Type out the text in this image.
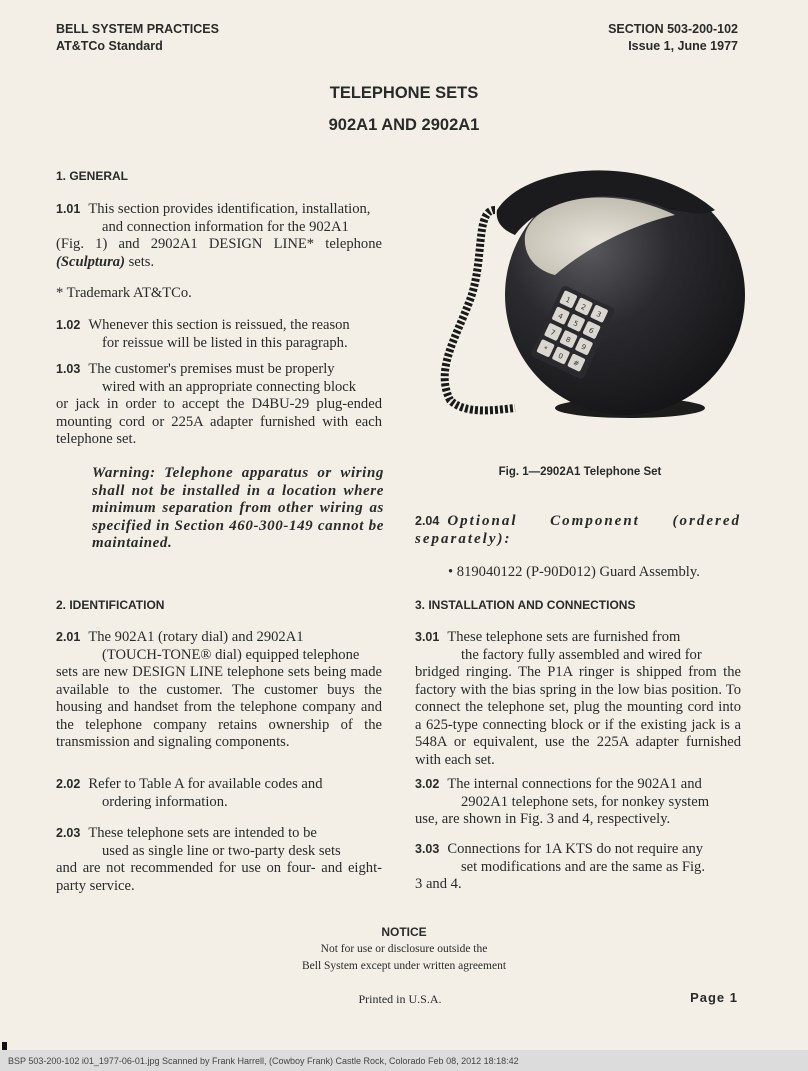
BELL SYSTEM PRACTICES
AT&TCo Standard
SECTION 503-200-102
Issue 1, June 1977
TELEPHONE SETS
902A1 AND 2902A1
1. GENERAL
1.01 This section provides identification, installation,
and connection information for the 902A1
(Fig. 1) and 2902A1 DESIGN LINE* telephone (Sculptura) sets.
* Trademark AT&TCo.
1.02 Whenever this section is reissued, the reason
for reissue will be listed in this paragraph.
1.03 The customer's premises must be properly
wired with an appropriate connecting block
or jack in order to accept the D4BU-29 plug-ended mounting cord or 225A adapter furnished with each telephone set.
Warning: Telephone apparatus or wiring shall not be installed in a location where minimum separation from other wiring as specified in Section 460-300-149 cannot be maintained.
2. IDENTIFICATION
2.01 The 902A1 (rotary dial) and 2902A1
(TOUCH-TONE® dial) equipped telephone
sets are new DESIGN LINE telephone sets being made available to the customer. The customer buys the housing and handset from the telephone company and the telephone company retains ownership of the transmission and signaling components.
2.02 Refer to Table A for available codes and
ordering information.
2.03 These telephone sets are intended to be
used as single line or two-party desk sets
and are not recommended for use on four- and eight-party service.
1
2
3
4
5
6
7
8
9
*
0
#
Fig. 1—2902A1 Telephone Set
2.04 Optional Component (ordered separately):
• 819040122 (P-90D012) Guard Assembly.
3. INSTALLATION AND CONNECTIONS
3.01 These telephone sets are furnished from
the factory fully assembled and wired for
bridged ringing. The P1A ringer is shipped from the factory with the bias spring in the low bias position. To connect the telephone set, plug the mounting cord into a 625-type connecting block or if the existing jack is a 548A or equivalent, use the 225A adapter furnished with each set.
3.02 The internal connections for the 902A1 and
2902A1 telephone sets, for nonkey system
use, are shown in Fig. 3 and 4, respectively.
3.03 Connections for 1A KTS do not require any
set modifications and are the same as Fig.
3 and 4.
NOTICE
Not for use or disclosure outside the
Bell System except under written agreement
Printed in U.S.A.	Page 1
BSP 503-200-102 i01_1977-06-01.jpg Scanned by Frank Harrell, (Cowboy Frank) Castle Rock, Colorado Feb 08, 2012 18:18:42
